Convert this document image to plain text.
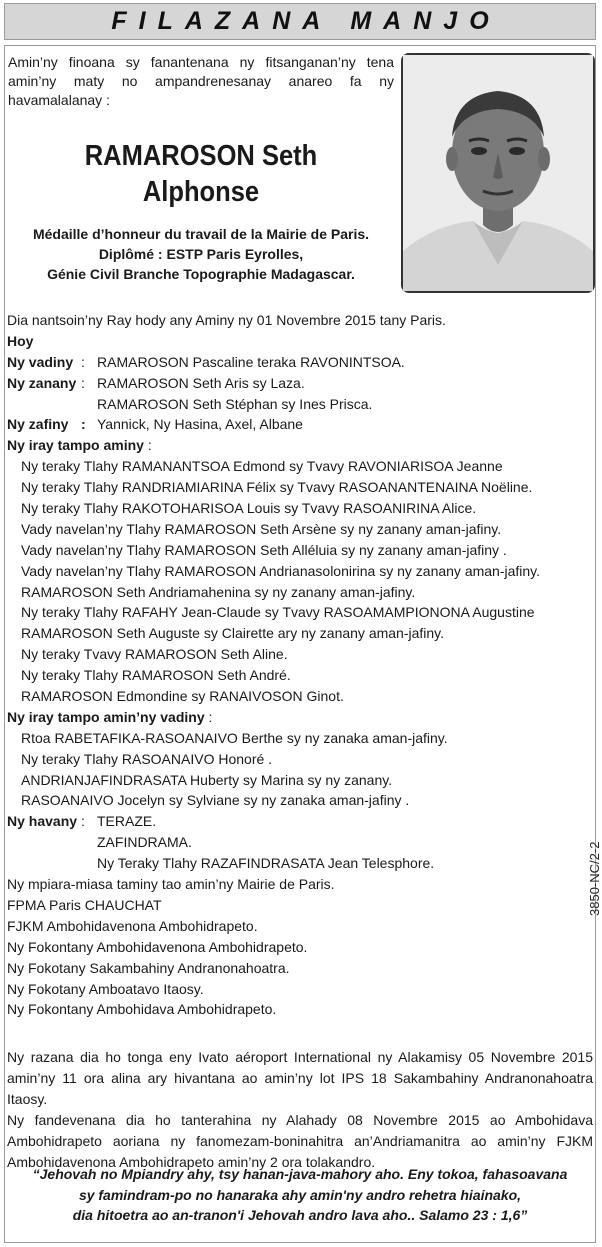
FILAZANA MANJO
Amin’ny finoana sy fanantenana ny fitsanganan’ny tena amin’ny maty no ampandrenesanay anareo fa ny havamalalanay :
RAMAROSON Seth
Alphonse
Médaille d’honneur du travail de la Mairie de Paris.
Diplômé : ESTP Paris Eyrolles,
Génie Civil Branche Topographie Madagascar.
Dia nantsoin’ny Ray hody any Aminy ny 01 Novembre 2015 tany Paris.
Hoy
Ny vadiny : RAMAROSON Pascaline teraka RAVONINTSOA.
Ny zanany : RAMAROSON Seth Aris sy Laza.
RAMAROSON Seth Stéphan sy Ines Prisca.
Ny zafiny : Yannick, Ny Hasina, Axel, Albane
Ny iray tampo aminy :
Ny teraky Tlahy RAMANANTSOA Edmond sy Tvavy RAVONIARISOA Jeanne
Ny teraky Tlahy RANDRIAMIARINA Félix sy Tvavy RASOANANTENAINA Noëline.
Ny teraky Tlahy RAKOTOHARISOA Louis sy Tvavy RASOANIRINA Alice.
Vady navelan’ny Tlahy RAMAROSON Seth Arsène sy ny zanany aman-jafiny.
Vady navelan’ny Tlahy RAMAROSON Seth Alléluia sy ny zanany aman-jafiny .
Vady navelan’ny Tlahy RAMAROSON Andrianasolonirina sy ny zanany aman-jafiny.
RAMAROSON Seth Andriamahenina sy ny zanany aman-jafiny.
Ny teraky Tlahy RAFAHY Jean-Claude sy Tvavy RASOAMAMPIONONA Augustine
RAMAROSON Seth Auguste sy Clairette ary ny zanany aman-jafiny.
Ny teraky Tvavy RAMAROSON Seth Aline.
Ny teraky Tlahy RAMAROSON Seth André.
RAMAROSON Edmondine sy RANAIVOSON Ginot.
Ny iray tampo amin’ny vadiny :
Rtoa RABETAFIKA-RASOANAIVO Berthe sy ny zanaka aman-jafiny.
Ny teraky Tlahy RASOANAIVO Honoré .
ANDRIANJAFINDRASATA Huberty sy Marina sy ny zanany.
RASOANAIVO Jocelyn sy Sylviane sy ny zanaka aman-jafiny .
Ny havany : TERAZE.
ZAFINDRAMA.
Ny Teraky Tlahy RAZAFINDRASATA Jean Telesphore.
Ny mpiara-miasa taminy tao amin’ny Mairie de Paris.
FPMA Paris CHAUCHAT
FJKM Ambohidavenona Ambohidrapeto.
Ny Fokontany Ambohidavenona Ambohidrapeto.
Ny Fokotany Sakambahiny Andranonahoatra.
Ny Fokotany Amboatavo Itaosy.
Ny Fokontany Ambohidava Ambohidrapeto.
Ny razana dia ho tonga eny Ivato aéroport International ny Alakamisy 05 Novembre 2015 amin’ny 11 ora alina ary hivantana ao amin’ny lot IPS 18 Sakambahiny Andranonahoatra Itaosy.
Ny fandevenana dia ho tanterahina ny Alahady 08 Novembre 2015 ao Ambohidava Ambohidrapeto aoriana ny fanomezam-boninahitra an’Andriamanitra ao amin’ny FJKM Ambohidavenona Ambohidrapeto amin’ny 2 ora tolakandro.
“Jehovah no Mpiandry ahy, tsy hanan-java-mahory aho. Eny tokoa, fahasoavana
sy famindram-po no hanaraka ahy amin'ny andro rehetra hiainako,
dia hitoetra ao an-tranon'i Jehovah andro lava aho.. Salamo 23 : 1,6”
3850-NC/2-2
